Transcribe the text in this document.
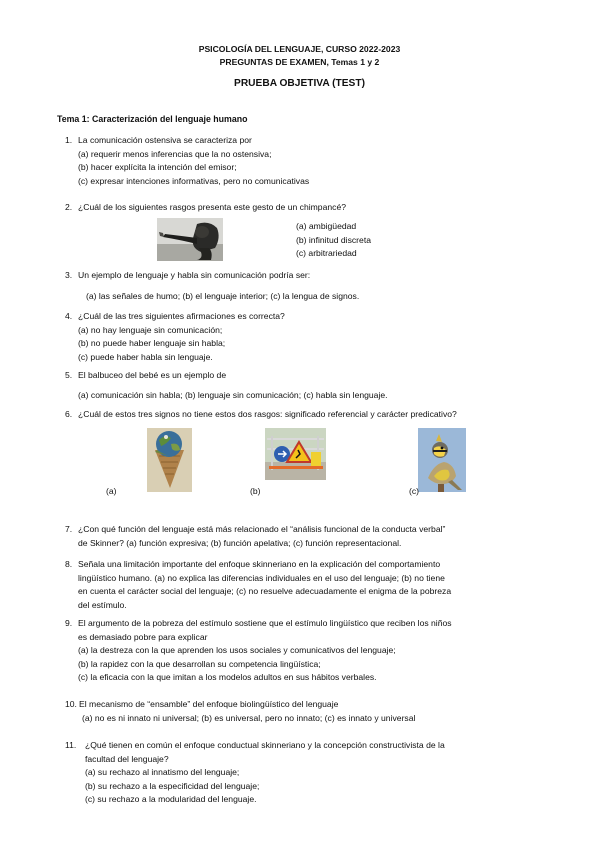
PSICOLOGÍA DEL LENGUAJE, CURSO 2022-2023
PREGUNTAS DE EXAMEN, Temas 1 y 2
PRUEBA OBJETIVA (TEST)
Tema 1: Caracterización del lenguaje humano
1. La comunicación ostensiva se caracteriza por
(a) requerir menos inferencias que la no ostensiva;
(b) hacer explícita la intención del emisor;
(c) expresar intenciones informativas, pero no comunicativas
2. ¿Cuál de los siguientes rasgos presenta este gesto de un chimpancé?
(a) ambigüedad
(b) infinitud discreta
(c) arbitrariedad
3. Un ejemplo de lenguaje y habla sin comunicación podría ser:
(a) las señales de humo; (b) el lenguaje interior; (c) la lengua de signos.
4. ¿Cuál de las tres siguientes afirmaciones es correcta?
(a) no hay lenguaje sin comunicación;
(b) no puede haber lenguaje sin habla;
(c) puede haber habla sin lenguaje.
5. El balbuceo del bebé es un ejemplo de
(a) comunicación sin habla; (b) lenguaje sin comunicación; (c) habla sin lenguaje.
6. ¿Cuál de estos tres signos no tiene estos dos rasgos: significado referencial y carácter predicativo?
(a)	(b)	(c)
7. ¿Con qué función del lenguaje está más relacionado el “análisis funcional de la conducta verbal”
de Skinner? (a) función expresiva; (b) función apelativa; (c) función representacional.
8. Señala una limitación importante del enfoque skinneriano en la explicación del comportamiento
lingüístico humano. (a) no explica las diferencias individuales en el uso del lenguaje; (b) no tiene
en cuenta el carácter social del lenguaje; (c) no resuelve adecuadamente el enigma de la pobreza
del estímulo.
9. El argumento de la pobreza del estímulo sostiene que el estímulo lingüístico que reciben los niños
es demasiado pobre para explicar
(a) la destreza con la que aprenden los usos sociales y comunicativos del lenguaje;
(b) la rapidez con la que desarrollan su competencia lingüística;
(c) la eficacia con la que imitan a los modelos adultos en sus hábitos verbales.
10. El mecanismo de “ensamble” del enfoque biolingüístico del lenguaje
(a) no es ni innato ni universal; (b) es universal, pero no innato; (c) es innato y universal
11. ¿Qué tienen en común el enfoque conductual skinneriano y la concepción constructivista de la
facultad del lenguaje?
(a) su rechazo al innatismo del lenguaje;
(b) su rechazo a la especificidad del lenguaje;
(c) su rechazo a la modularidad del lenguaje.
